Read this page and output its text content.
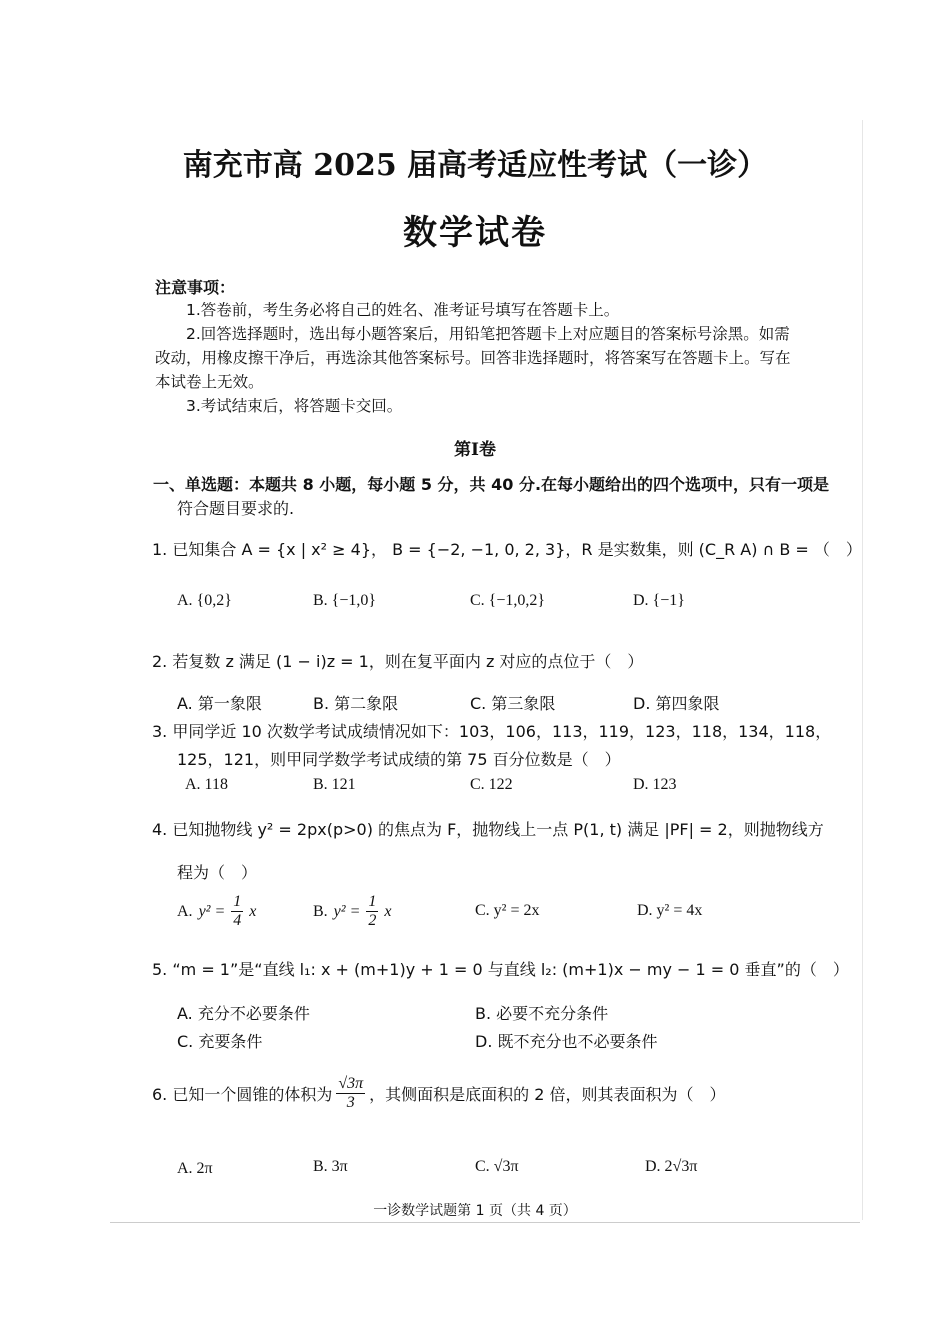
南充市高 2025 届高考适应性考试（一诊）
数学试卷
注意事项：
1.答卷前，考生务必将自己的姓名、准考证号填写在答题卡上。
2.回答选择题时，选出每小题答案后，用铅笔把答题卡上对应题目的答案标号涂黑。如需
改动，用橡皮擦干净后，再选涂其他答案标号。回答非选择题时，将答案写在答题卡上。写在
本试卷上无效。
3.考试结束后，将答题卡交回。
第Ⅰ卷
一、单选题：本题共 8 小题，每小题 5 分，共 40 分.在每小题给出的四个选项中，只有一项是
符合题目要求的.
1. 已知集合 A = {x | x² ≥ 4}， B = {−2, −1, 0, 2, 3}，R 是实数集，则 (C_R A) ∩ B = （　）
A. {0,2}	B. {−1,0}	C. {−1,0,2}	D. {−1}
2. 若复数 z 满足 (1 − i)z = 1，则在复平面内 z 对应的点位于（　）
A. 第一象限	B. 第二象限	C. 第三象限	D. 第四象限
3. 甲同学近 10 次数学考试成绩情况如下：103，106，113，119，123，118，134，118，
125，121，则甲同学数学考试成绩的第 75 百分位数是（　）
A. 118	B. 121	C. 122	D. 123
4. 已知抛物线 y² = 2px(p>0) 的焦点为 F，抛物线上一点 P(1, t) 满足 |PF| = 2，则抛物线方
程为（　）
A. $y^2 = \frac{1}{4}$ x	B. $y^2 = \frac{1}{2}$ x	C. y² = 2x	D. y² = 4x
5. “m = 1”是“直线 l₁: x + (m+1)y + 1 = 0 与直线 l₂: (m+1)x − my − 1 = 0 垂直”的（　）
A. 充分不必要条件	B. 必要不充分条件
C. 充要条件	D. 既不充分也不必要条件
6. 已知一个圆锥的体积为 $\frac{√3\pi}{3}$ ，其侧面积是底面积的 2 倍，则其表面积为（　）
A. 2π	B. 3π	C. √3π	D. 2√3π
一诊数学试题第 1 页（共 4 页）
